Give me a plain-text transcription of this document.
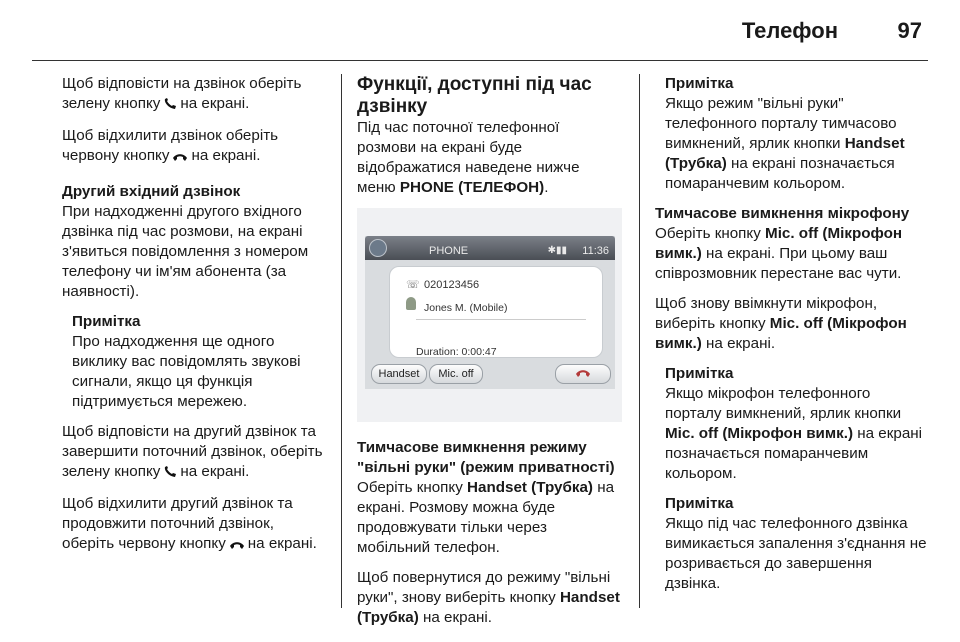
Телефон	97

Щоб відповісти на дзвінок оберіть зелену кнопку на екрані.

Щоб відхилити дзвінок оберіть червону кнопку на екрані.

Другий вхідний дзвінок

При надходженні другого вхідного дзвінка під час розмови, на екрані з'явиться повідомлення з номером телефону чи ім'ям абонента (за наявності).

Примітка
Про надходження ще одного виклику вас повідомлять звукові сигнали, якщо ця функція підтримується мережею.

Щоб відповісти на другий дзвінок та завершити поточний дзвінок, оберіть зелену кнопку на екрані.

Щоб відхилити другий дзвінок та продовжити поточний дзвінок, оберіть червону кнопку на екрані.

Функції, доступні під час дзвінку

Під час поточної телефонної розмови на екрані буде відображатися наведене нижче меню PHONE (ТЕЛЕФОН).

PHONE	✱▮▮ 11:36
☏ 020123456
Jones M. (Mobile)
Duration: 0:00:47
Handset	Mic. off
Тимчасове вимкнення режиму "вільні руки" (режим приватності)

Оберіть кнопку Handset (Трубка) на екрані. Розмову можна буде продовжувати тільки через мобільний телефон.

Щоб повернутися до режиму "вільні руки", знову виберіть кнопку Handset (Трубка) на екрані.

Примітка
Якщо режим "вільні руки" телефонного порталу тимчасово вимкнений, ярлик кнопки Handset (Трубка) на екрані позначається помаранчевим кольором.
Тимчасове вимкнення мікрофону

Оберіть кнопку Mic. off (Мікрофон вимк.) на екрані. При цьому ваш співрозмовник перестане вас чути.

Щоб знову ввімкнути мікрофон, виберіть кнопку Mic. off (Мікрофон вимк.) на екрані.

Примітка
Якщо мікрофон телефонного порталу вимкнений, ярлик кнопки Mic. off (Мікрофон вимк.) на екрані позначається помаранчевим кольором.
Примітка
Якщо під час телефонного дзвінка вимикається запалення з'єднання не розривається до завершення дзвінка.
